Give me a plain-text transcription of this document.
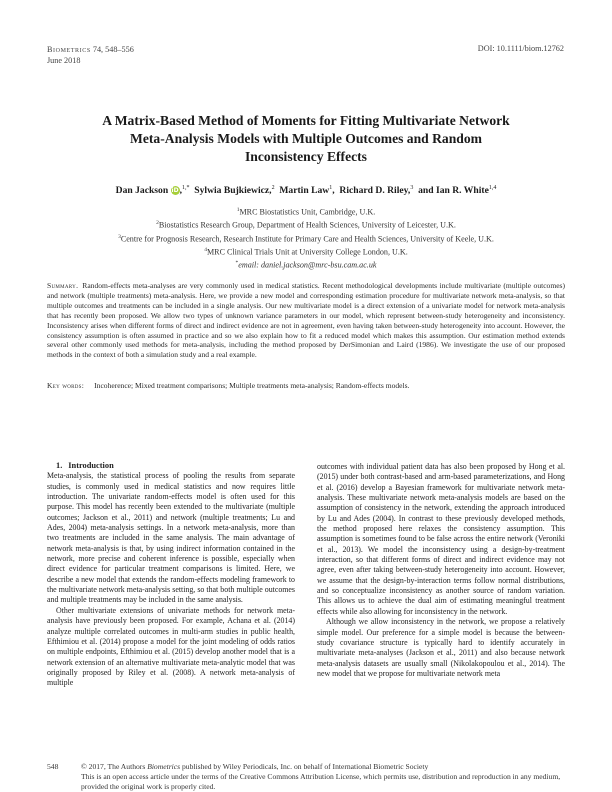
Biometrics 74, 548–556
June 2018
DOI: 10.1111/biom.12762
A Matrix-Based Method of Moments for Fitting Multivariate Network
Meta-Analysis Models with Multiple Outcomes and Random
Inconsistency Effects
Dan Jackson iD,$^{1,*}$ Sylwia Bujkiewicz,$^2$ Martin Law$^1$, Richard D. Riley,$^3$ and Ian R. White$^{1,4}$
$^1$MRC Biostatistics Unit, Cambridge, U.K.
$^2$Biostatistics Research Group, Department of Health Sciences, University of Leicester, U.K.
$^3$Centre for Prognosis Research, Research Institute for Primary Care and Health Sciences, University of Keele, U.K.
$^4$MRC Clinical Trials Unit at University College London, U.K.
*email: daniel.jackson@mrc-bsu.cam.ac.uk
Summary. Random-effects meta-analyses are very commonly used in medical statistics. Recent methodological developments include multivariate (multiple outcomes) and network (multiple treatments) meta-analysis. Here, we provide a new model and corresponding estimation procedure for multivariate network meta-analysis, so that multiple outcomes and treatments can be included in a single analysis. Our new multivariate model is a direct extension of a univariate model for network meta-analysis that has recently been proposed. We allow two types of unknown variance parameters in our model, which represent between-study heterogeneity and inconsistency. Inconsistency arises when different forms of direct and indirect evidence are not in agreement, even having taken between-study heterogeneity into account. However, the consistency assumption is often assumed in practice and so we also explain how to fit a reduced model which makes this assumption. Our estimation method extends several other commonly used methods for meta-analysis, including the method proposed by DerSimonian and Laird (1986). We investigate the use of our proposed methods in the context of both a simulation study and a real example.
Key words: Incoherence; Mixed treatment comparisons; Multiple treatments meta-analysis; Random-effects models.

1. Introduction

Meta-analysis, the statistical process of pooling the results from separate studies, is commonly used in medical statistics and now requires little introduction. The univariate random-effects model is often used for this purpose. This model has recently been extended to the multivariate (multiple outcomes; Jackson et al., 2011) and network (multiple treatments; Lu and Ades, 2004) meta-analysis settings. In a network meta-analysis, more than two treatments are included in the same analysis. The main advantage of network meta-analysis is that, by using indirect information contained in the network, more precise and coherent inference is possible, especially when direct evidence for particular treatment comparisons is limited. Here, we describe a new model that extends the random-effects modeling framework to the multivariate network meta-analysis setting, so that both multiple outcomes and multiple treatments may be included in the same analysis.

Other multivariate extensions of univariate methods for network meta-analysis have previously been proposed. For example, Achana et al. (2014) analyze multiple correlated outcomes in multi-arm studies in public health, Efthimiou et al. (2014) propose a model for the joint modeling of odds ratios on multiple endpoints, Efthimiou et al. (2015) develop another model that is a network extension of an alternative multivariate meta-analytic model that was originally proposed by Riley et al. (2008). A network meta-analysis of multiple

outcomes with individual patient data has also been proposed by Hong et al. (2015) under both contrast-based and arm-based parameterizations, and Hong et al. (2016) develop a Bayesian framework for multivariate network meta-analysis. These multivariate network meta-analysis models are based on the assumption of consistency in the network, extending the approach introduced by Lu and Ades (2004). In contrast to these previously developed methods, the method proposed here relaxes the consistency assumption. This assumption is sometimes found to be false across the entire network (Veroniki et al., 2013). We model the inconsistency using a design-by-treatment interaction, so that different forms of direct and indirect evidence may not agree, even after taking between-study heterogeneity into account. However, we assume that the design-by-interaction terms follow normal distributions, and so conceptualize inconsistency as another source of random variation. This allows us to achieve the dual aim of estimating meaningful treatment effects while also allowing for inconsistency in the network.

Although we allow inconsistency in the network, we propose a relatively simple model. Our preference for a simple model is because the between-study covariance structure is typically hard to identify accurately in multivariate meta-analyses (Jackson et al., 2011) and also because network meta-analysis datasets are usually small (Nikolakopoulou et al., 2014). The new model that we propose for multivariate network meta

548	© 2017, The Authors Biometrics published by Wiley Periodicals, Inc. on behalf of International Biometric Society
This is an open access article under the terms of the Creative Commons Attribution License, which permits use, distribution and reproduction in any medium, provided the original work is properly cited.
